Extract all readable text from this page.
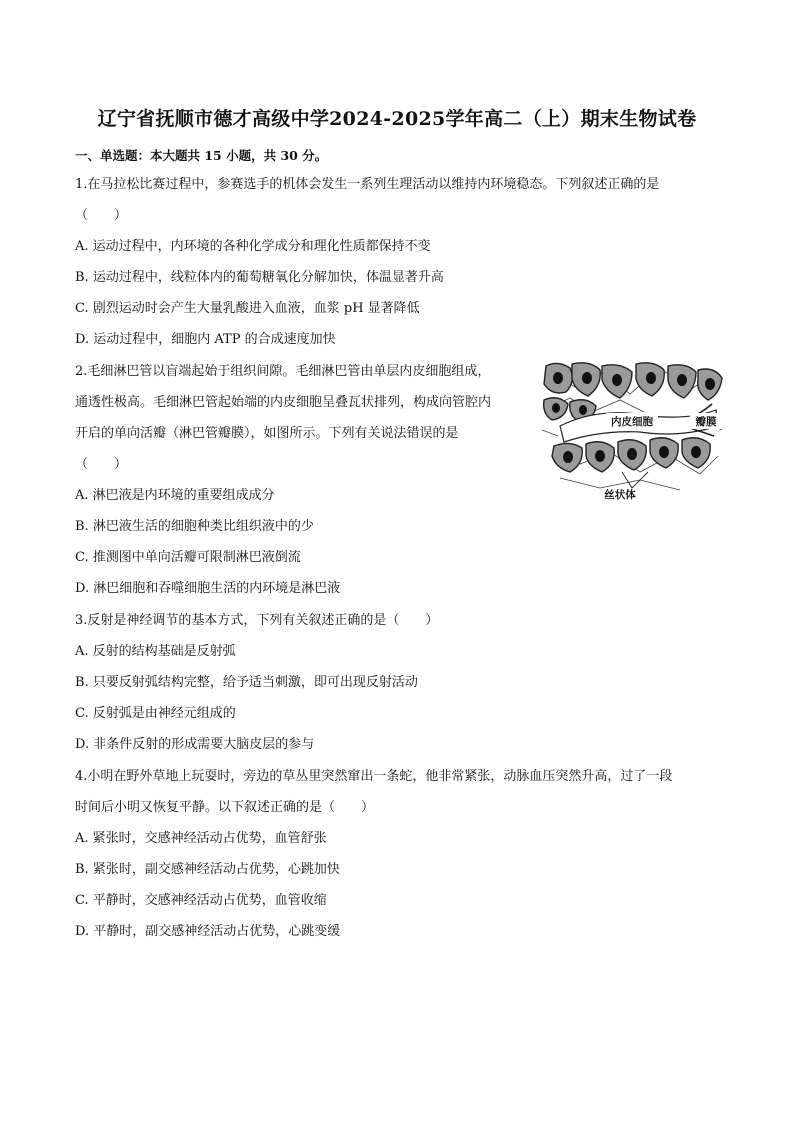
辽宁省抚顺市德才高级中学2024-2025学年高二（上）期末生物试卷
一、单选题：本大题共 15 小题，共 30 分。
1.在马拉松比赛过程中，参赛选手的机体会发生一系列生理活动以维持内环境稳态。下列叙述正确的是
（　　）
A. 运动过程中，内环境的各种化学成分和理化性质都保持不变
B. 运动过程中，线粒体内的葡萄糖氧化分解加快，体温显著升高
C. 剧烈运动时会产生大量乳酸进入血液，血浆 pH 显著降低
D. 运动过程中，细胞内 ATP 的合成速度加快
2.毛细淋巴管以盲端起始于组织间隙。毛细淋巴管由单层内皮细胞组成，
通透性极高。毛细淋巴管起始端的内皮细胞呈叠瓦状排列，构成向管腔内
开启的单向活瓣（淋巴管瓣膜），如图所示。下列有关说法错误的是
（　　）
A. 淋巴液是内环境的重要组成成分
B. 淋巴液生活的细胞种类比组织液中的少
C. 推测图中单向活瓣可限制淋巴液倒流
D. 淋巴细胞和吞噬细胞生活的内环境是淋巴液
内皮细胞	瓣膜
丝状体
3.反射是神经调节的基本方式，下列有关叙述正确的是（　　）
A. 反射的结构基础是反射弧
B. 只要反射弧结构完整，给予适当刺激，即可出现反射活动
C. 反射弧是由神经元组成的
D. 非条件反射的形成需要大脑皮层的参与
4.小明在野外草地上玩耍时，旁边的草丛里突然窜出一条蛇，他非常紧张，动脉血压突然升高，过了一段
时间后小明又恢复平静。以下叙述正确的是（　　）
A. 紧张时，交感神经活动占优势，血管舒张
B. 紧张时，副交感神经活动占优势，心跳加快
C. 平静时，交感神经活动占优势，血管收缩
D. 平静时，副交感神经活动占优势，心跳变缓
